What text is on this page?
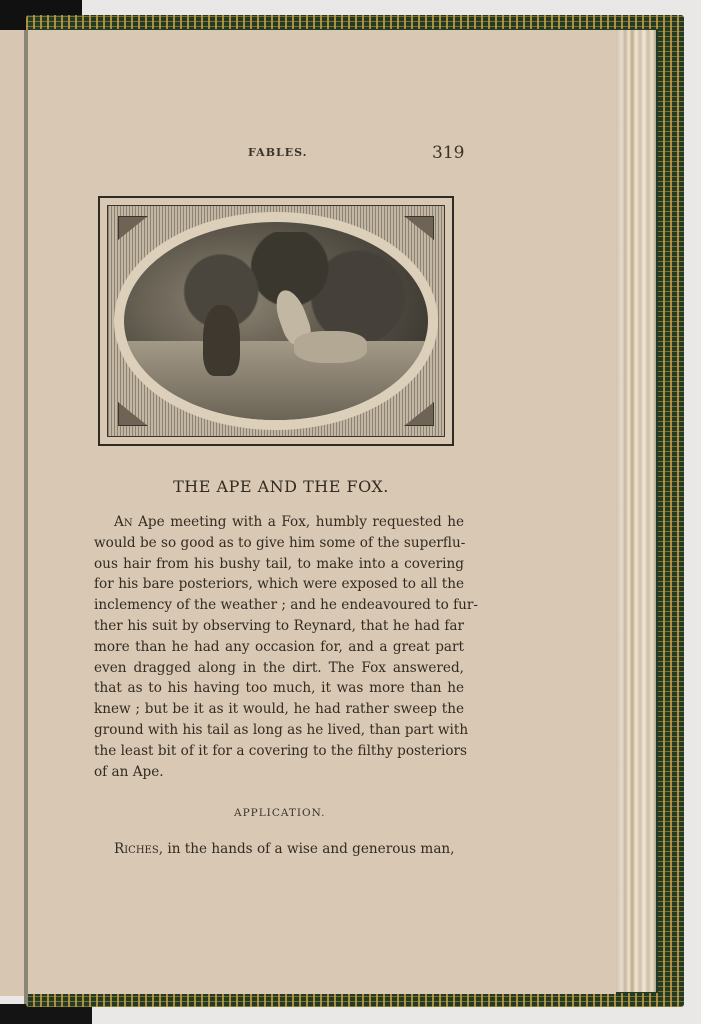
FABLES.	319
THE APE AND THE FOX.
An Ape meeting with a Fox, humbly requested he
would be so good as to give him some of the superflu-
ous hair from his bushy tail, to make into a covering
for his bare posteriors, which were exposed to all the
inclemency of the weather ; and he endeavoured to fur-
ther his suit by observing to Reynard, that he had far
more than he had any occasion for, and a great part
even dragged along in the dirt. The Fox answered,
that as to his having too much, it was more than he
knew ; but be it as it would, he had rather sweep the
ground with his tail as long as he lived, than part with
the least bit of it for a covering to the filthy posteriors
of an Ape.
APPLICATION.
Riches, in the hands of a wise and generous man,
